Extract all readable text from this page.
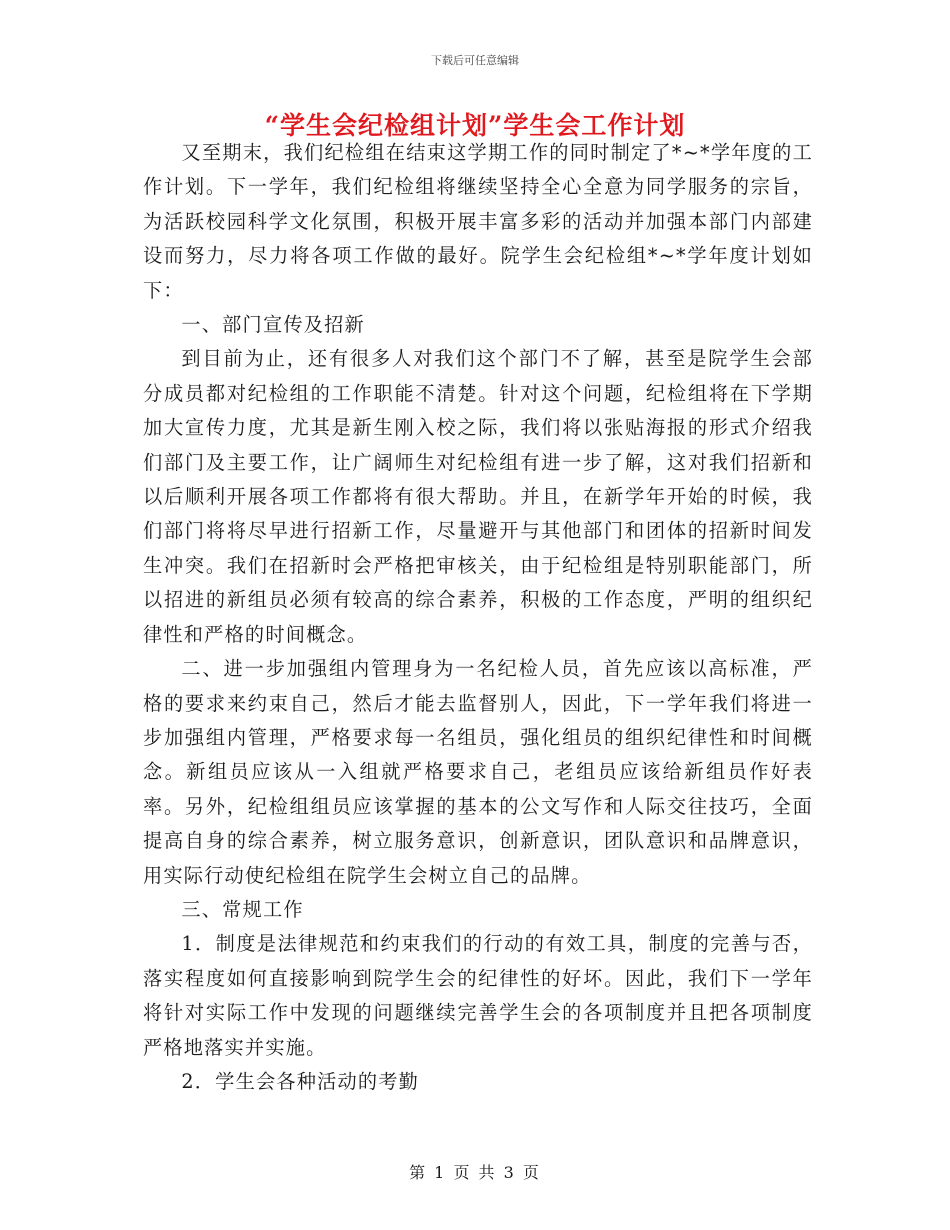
下载后可任意编辑
“学生会纪检组计划”学生会工作计划

又至期末，我们纪检组在结束这学期工作的同时制定了*~*学年度的工作计划。下一学年，我们纪检组将继续坚持全心全意为同学服务的宗旨，为活跃校园科学文化氛围，积极开展丰富多彩的活动并加强本部门内部建设而努力，尽力将各项工作做的最好。院学生会纪检组*~*学年度计划如下：

一、部门宣传及招新

到目前为止，还有很多人对我们这个部门不了解，甚至是院学生会部分成员都对纪检组的工作职能不清楚。针对这个问题，纪检组将在下学期加大宣传力度，尤其是新生刚入校之际，我们将以张贴海报的形式介绍我们部门及主要工作，让广阔师生对纪检组有进一步了解，这对我们招新和以后顺利开展各项工作都将有很大帮助。并且，在新学年开始的时候，我们部门将将尽早进行招新工作，尽量避开与其他部门和团体的招新时间发生冲突。我们在招新时会严格把审核关，由于纪检组是特别职能部门，所以招进的新组员必须有较高的综合素养，积极的工作态度，严明的组织纪律性和严格的时间概念。

二、进一步加强组内管理身为一名纪检人员，首先应该以高标准，严格的要求来约束自己，然后才能去监督别人，因此，下一学年我们将进一步加强组内管理，严格要求每一名组员，强化组员的组织纪律性和时间概念。新组员应该从一入组就严格要求自己，老组员应该给新组员作好表率。另外，纪检组组员应该掌握的基本的公文写作和人际交往技巧，全面提高自身的综合素养，树立服务意识，创新意识，团队意识和品牌意识，用实际行动使纪检组在院学生会树立自己的品牌。

三、常规工作

1．制度是法律规范和约束我们的行动的有效工具，制度的完善与否，落实程度如何直接影响到院学生会的纪律性的好坏。因此，我们下一学年将针对实际工作中发现的问题继续完善学生会的各项制度并且把各项制度严格地落实并实施。

2．学生会各种活动的考勤

第 1 页 共 3 页
